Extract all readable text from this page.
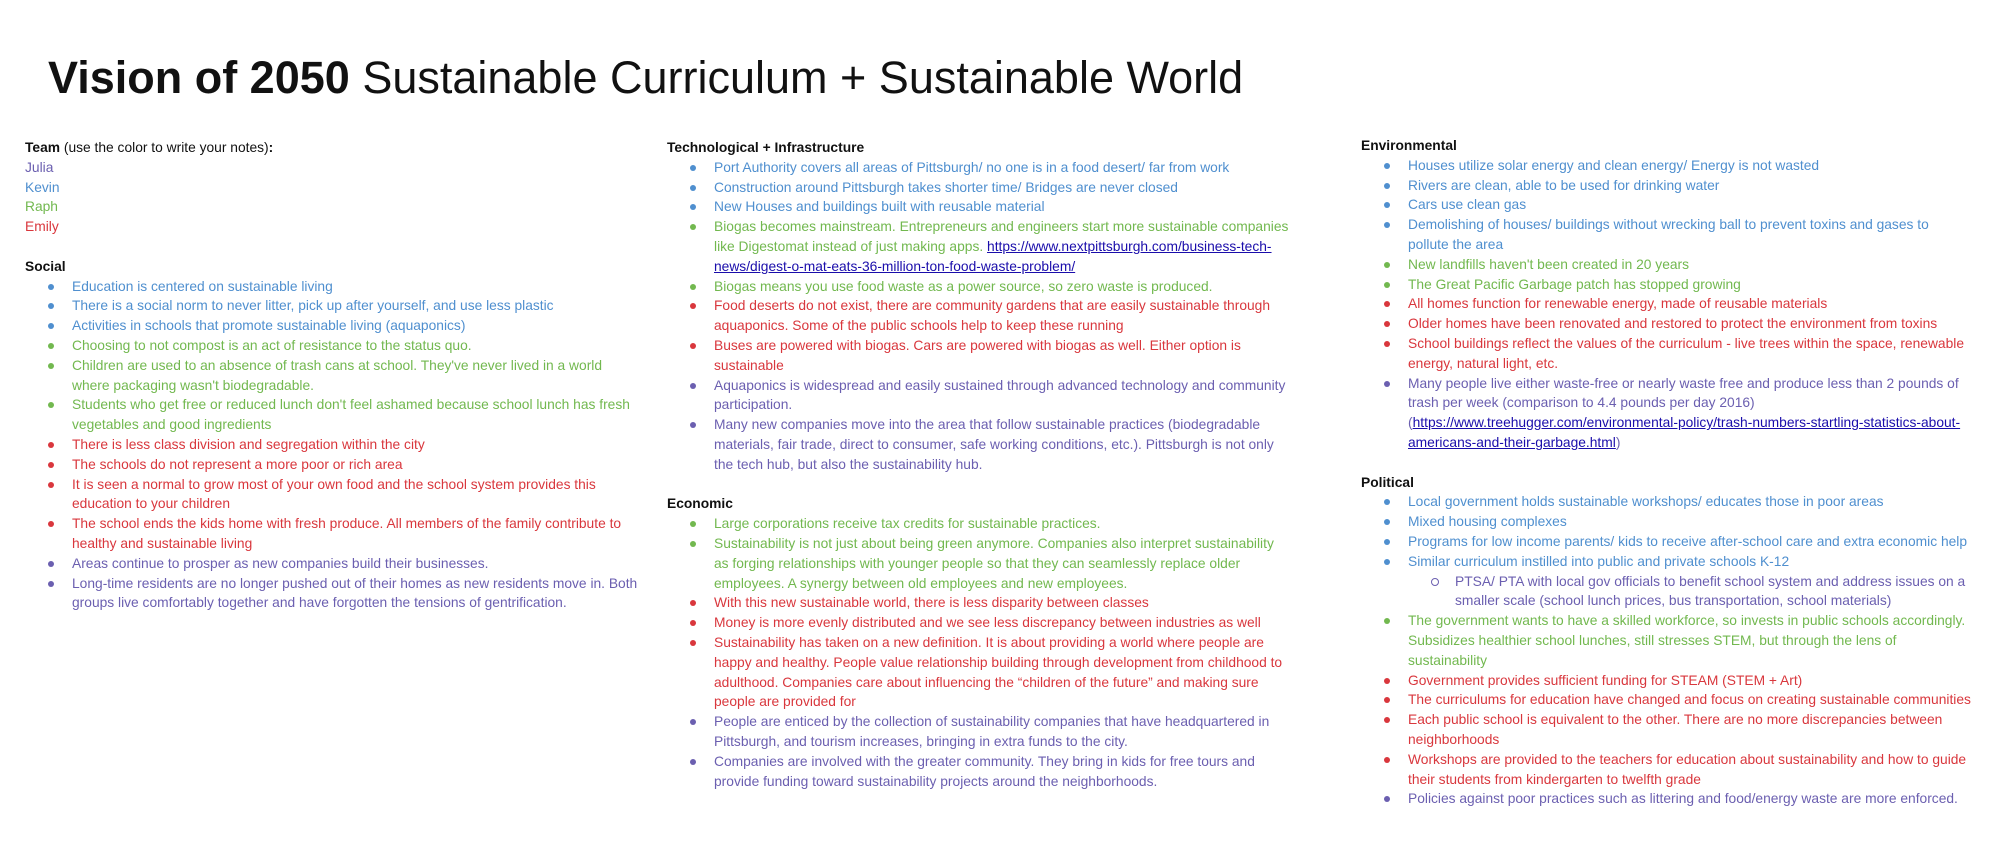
Vision of 2050 Sustainable Curriculum + Sustainable World

Team (use the color to write your notes):

Julia

Kevin

Raph

Emily

Social

Education is centered on sustainable living
There is a social norm to never litter, pick up after yourself, and use less plastic
Activities in schools that promote sustainable living (aquaponics)
Choosing to not compost is an act of resistance to the status quo.
Children are used to an absence of trash cans at school. They've never lived in a world where packaging wasn't biodegradable.
Students who get free or reduced lunch don't feel ashamed because school lunch has fresh vegetables and good ingredients
There is less class division and segregation within the city
The schools do not represent a more poor or rich area
It is seen a normal to grow most of your own food and the school system provides this education to your children
The school ends the kids home with fresh produce. All members of the family contribute to healthy and sustainable living
Areas continue to prosper as new companies build their businesses.
Long-time residents are no longer pushed out of their homes as new residents move in. Both groups live comfortably together and have forgotten the tensions of gentrification.

Technological + Infrastructure

Port Authority covers all areas of Pittsburgh/ no one is in a food desert/ far from work
Construction around Pittsburgh takes shorter time/ Bridges are never closed
New Houses and buildings built with reusable material
Biogas becomes mainstream. Entrepreneurs and engineers start more sustainable companies like Digestomat instead of just making apps. https://www.nextpittsburgh.com/business-tech-news/digest-o-mat-eats-36-million-ton-food-waste-problem/
Biogas means you use food waste as a power source, so zero waste is produced.
Food deserts do not exist, there are community gardens that are easily sustainable through aquaponics. Some of the public schools help to keep these running
Buses are powered with biogas. Cars are powered with biogas as well. Either option is sustainable
Aquaponics is widespread and easily sustained through advanced technology and community participation.
Many new companies move into the area that follow sustainable practices (biodegradable materials, fair trade, direct to consumer, safe working conditions, etc.). Pittsburgh is not only the tech hub, but also the sustainability hub.

Economic

Large corporations receive tax credits for sustainable practices.
Sustainability is not just about being green anymore. Companies also interpret sustainability as forging relationships with younger people so that they can seamlessly replace older employees. A synergy between old employees and new employees.
With this new sustainable world, there is less disparity between classes
Money is more evenly distributed and we see less discrepancy between industries as well
Sustainability has taken on a new definition. It is about providing a world where people are happy and healthy. People value relationship building through development from childhood to adulthood. Companies care about influencing the “children of the future” and making sure people are provided for
People are enticed by the collection of sustainability companies that have headquartered in Pittsburgh, and tourism increases, bringing in extra funds to the city.
Companies are involved with the greater community. They bring in kids for free tours and provide funding toward sustainability projects around the neighborhoods.

Environmental

Houses utilize solar energy and clean energy/ Energy is not wasted
Rivers are clean, able to be used for drinking water
Cars use clean gas
Demolishing of houses/ buildings without wrecking ball to prevent toxins and gases to pollute the area
New landfills haven't been created in 20 years
The Great Pacific Garbage patch has stopped growing
All homes function for renewable energy, made of reusable materials
Older homes have been renovated and restored to protect the environment from toxins
School buildings reflect the values of the curriculum - live trees within the space, renewable energy, natural light, etc.
Many people live either waste-free or nearly waste free and produce less than 2 pounds of trash per week (comparison to 4.4 pounds per day 2016) (https://www.treehugger.com/environmental-policy/trash-numbers-startling-statistics-about-americans-and-their-garbage.html)

Political

Local government holds sustainable workshops/ educates those in poor areas
Mixed housing complexes
Programs for low income parents/ kids to receive after-school care and extra economic help
Similar curriculum instilled into public and private schools K-12
PTSA/ PTA with local gov officials to benefit school system and address issues on a smaller scale (school lunch prices, bus transportation, school materials)
The government wants to have a skilled workforce, so invests in public schools accordingly. Subsidizes healthier school lunches, still stresses STEM, but through the lens of sustainability
Government provides sufficient funding for STEAM (STEM + Art)
The curriculums for education have changed and focus on creating sustainable communities
Each public school is equivalent to the other. There are no more discrepancies between neighborhoods
Workshops are provided to the teachers for education about sustainability and how to guide their students from kindergarten to twelfth grade
Policies against poor practices such as littering and food/energy waste are more enforced.
